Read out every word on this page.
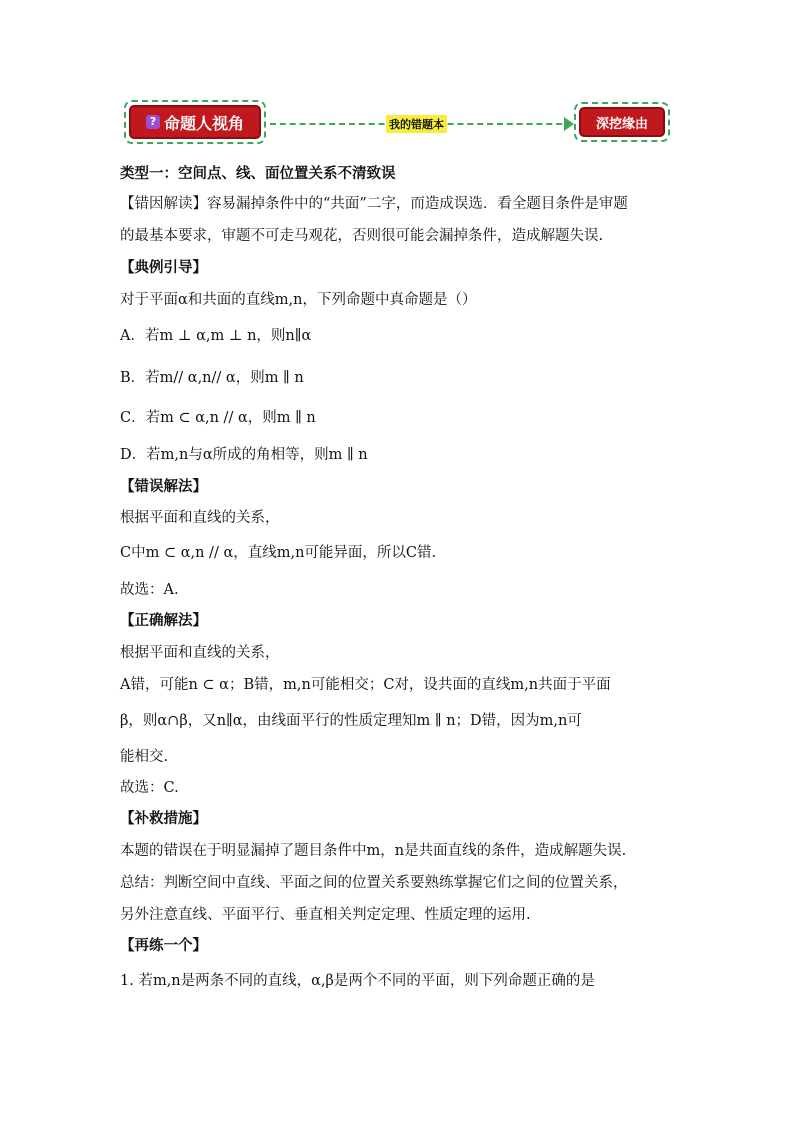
我的错题本
? 命题人视角	深挖缘由
类型一：空间点、线、面位置关系不清致误
【错因解读】容易漏掉条件中的“共面”二字，而造成误选．看全题目条件是审题
的最基本要求，审题不可走马观花，否则很可能会漏掉条件，造成解题失误.
【典例引导】
对于平面α和共面的直线m,n，下列命题中真命题是（）
A．若m ⊥ α,m ⊥ n，则n∥α
B．若m// α,n// α，则m ∥ n
C．若m ⊂ α,n // α，则m ∥ n
D．若m,n与α所成的角相等，则m ∥ n
【错误解法】
根据平面和直线的关系，
C中m ⊂ α,n // α，直线m,n可能异面，所以C错.
故选：A.
【正确解法】
根据平面和直线的关系，
A错，可能n ⊂ α；B错，m,n可能相交；C对，设共面的直线m,n共面于平面
β，则α∩β，又n∥α，由线面平行的性质定理知m ∥ n；D错，因为m,n可
能相交.
故选：C.
【补救措施】
本题的错误在于明显漏掉了题目条件中m，n是共面直线的条件，造成解题失误.
总结：判断空间中直线、平面之间的位置关系要熟练掌握它们之间的位置关系，
另外注意直线、平面平行、垂直相关判定定理、性质定理的运用.
【再练一个】
1. 若m,n是两条不同的直线，α,β是两个不同的平面，则下列命题正确的是
